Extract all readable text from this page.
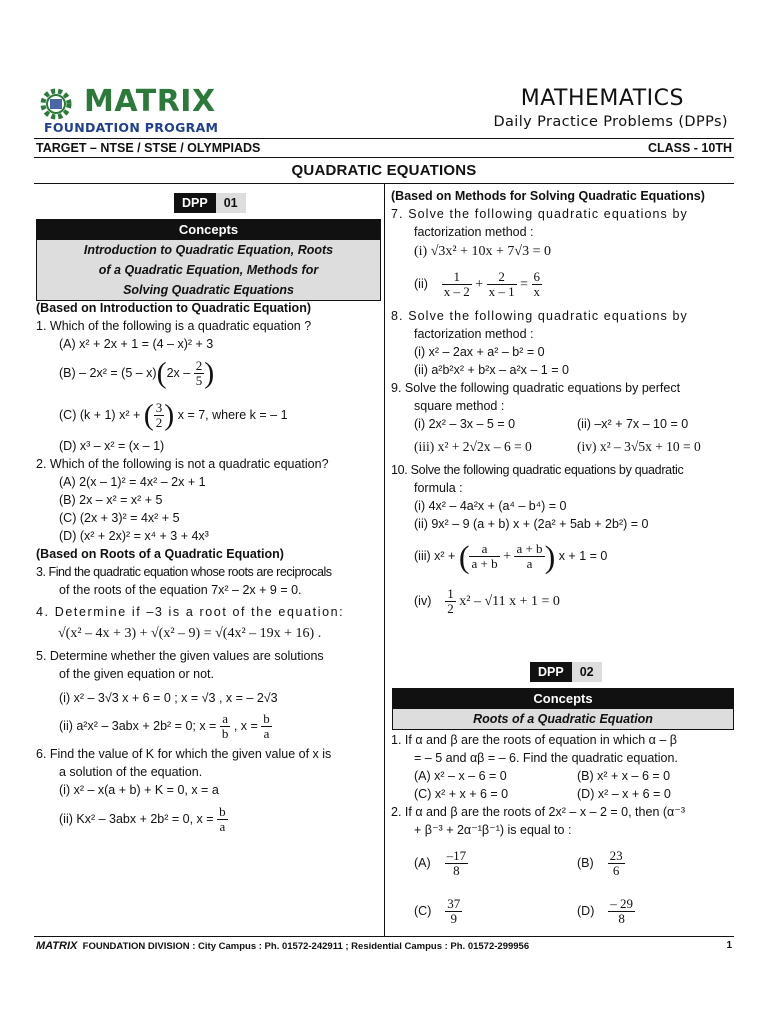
MATRIX
FOUNDATION PROGRAM
MATHEMATICS
Daily Practice Problems (DPPs)
TARGET – NTSE / STSE / OLYMPIADS	CLASS - 10TH
QUADRATIC EQUATIONS
DPP	01
Concepts
Introduction to Quadratic Equation, Roots
of a Quadratic Equation, Methods for
Solving Quadratic Equations
(Based on Introduction to Quadratic Equation)
1. Which of the following is a quadratic equation ?
(A) x² + 2x + 1 = (4 – x)² + 3
$(B) - 2x^2 = (5 - x)(2x - \frac{2}{5}$ )
(C) (k + 1) x² + ( $\frac{3}{2}$ ) x = 7, where k = – 1
(D) x³ – x² = (x – 1)
2. Which of the following is not a quadratic equation?
(A) 2(x – 1)² = 4x² – 2x + 1
(B) 2x – x² = x² + 5
(C) (2x + 3)² = 4x² + 5
(D) (x² + 2x)² = x⁴ + 3 + 4x³
(Based on Roots of a Quadratic Equation)
3. Find the quadratic equation whose roots are reciprocals
of the roots of the equation 7x² – 2x + 9 = 0.
4. Determine if –3 is a root of the equation:
√(x² – 4x + 3) + √(x² – 9) = √(4x² – 19x + 16) .
5. Determine whether the given values are solutions
of the given equation or not.
(i) x² – 3√3 x + 6 = 0 ; x = √3 , x = – 2√3
(ii) a²x² – 3abx + 2b² = 0; $x = \frac{a}{b}$ , $x = \frac{b}{a}$
6. Find the value of K for which the given value of x is
a solution of the equation.
(i) x² – x(a + b) + K = 0, x = a
(ii) Kx² – 3abx + 2b² = 0, $x = \frac{b}{a}$
(Based on Methods for Solving Quadratic Equations)
7. Solve the following quadratic equations by
factorization method :
(i) √3x² + 10x + 7√3 = 0
$(ii) \frac{1}{x - 2} + \frac{2}{x - 1} = \frac{6}{x}$
8. Solve the following quadratic equations by
factorization method :
(i) x² – 2ax + a² – b² = 0
(ii) a²b²x² + b²x – a²x – 1 = 0
9. Solve the following quadratic equations by perfect
square method :
(i) 2x² – 3x – 5 = 0	(ii) –x² + 7x – 10 = 0
(iii) x² + 2√2x – 6 = 0	(iv) x² – 3√5x + 10 = 0
10. Solve the following quadratic equations by quadratic
formula :
(i) 4x² – 4a²x + (a⁴ – b⁴) = 0
(ii) 9x² – 9 (a + b) x + (2a² + 5ab + 2b²) = 0
(iii) x² + ( $\frac{a}{a + b} + \frac{a + b}{a}$ ) x + 1 = 0
$(iv) \frac{1}{2} x^2 - √11$ x + 1 = 0
DPP	02
Concepts
Roots of a Quadratic Equation
1. If α and β are the roots of equation in which α – β
= – 5 and αβ = – 6. Find the quadratic equation.
(A) x² – x – 6 = 0	(B) x² + x – 6 = 0
(C) x² + x + 6 = 0	(D) x² – x + 6 = 0
2. If α and β are the roots of 2x² – x – 2 = 0, then (α⁻³
+ β⁻³ + 2α⁻¹β⁻¹) is equal to :
$(A) \frac{-17}{8}$	$(B) \frac{23}{6}$
$(C) \frac{37}{9}$	$(D) \frac{- 29}{8}$
MATRIX FOUNDATION DIVISION : City Campus : Ph. 01572-242911 ; Residential Campus : Ph. 01572-299956	1
